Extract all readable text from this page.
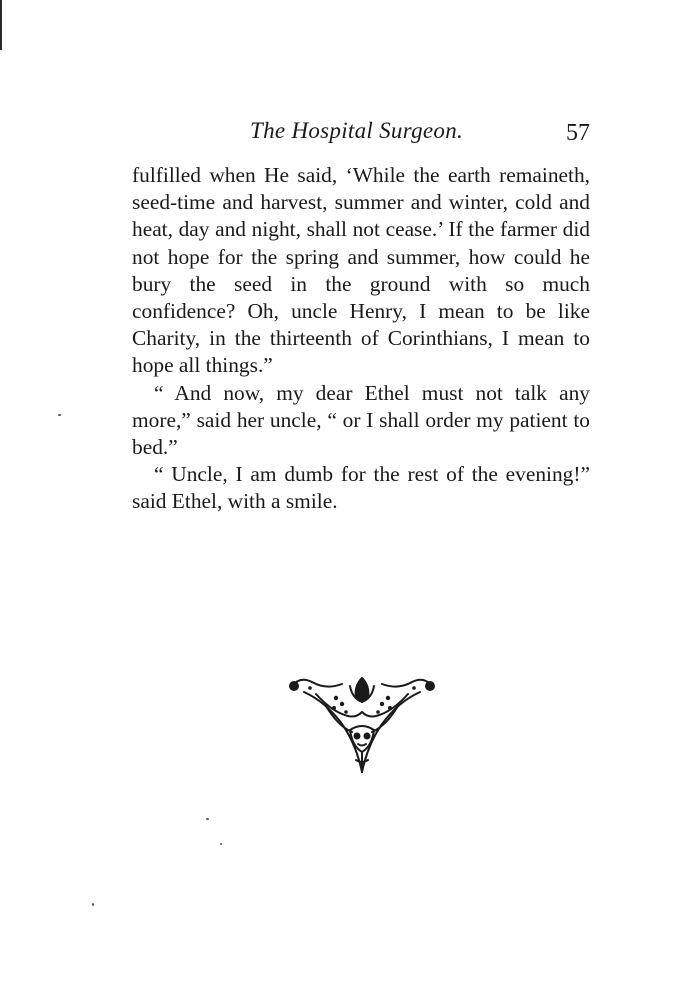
The Hospital Surgeon.	57

fulfilled when He said, ‘While the earth remaineth, seed-time and harvest, summer and winter, cold and heat, day and night, shall not cease.’ If the farmer did not hope for the spring and summer, how could he bury the seed in the ground with so much confidence? Oh, uncle Henry, I mean to be like Charity, in the thirteenth of Corinthians, I mean to hope all things.”

“ And now, my dear Ethel must not talk any more,” said her uncle, “ or I shall order my patient to bed.”

“ Uncle, I am dumb for the rest of the evening!” said Ethel, with a smile.
